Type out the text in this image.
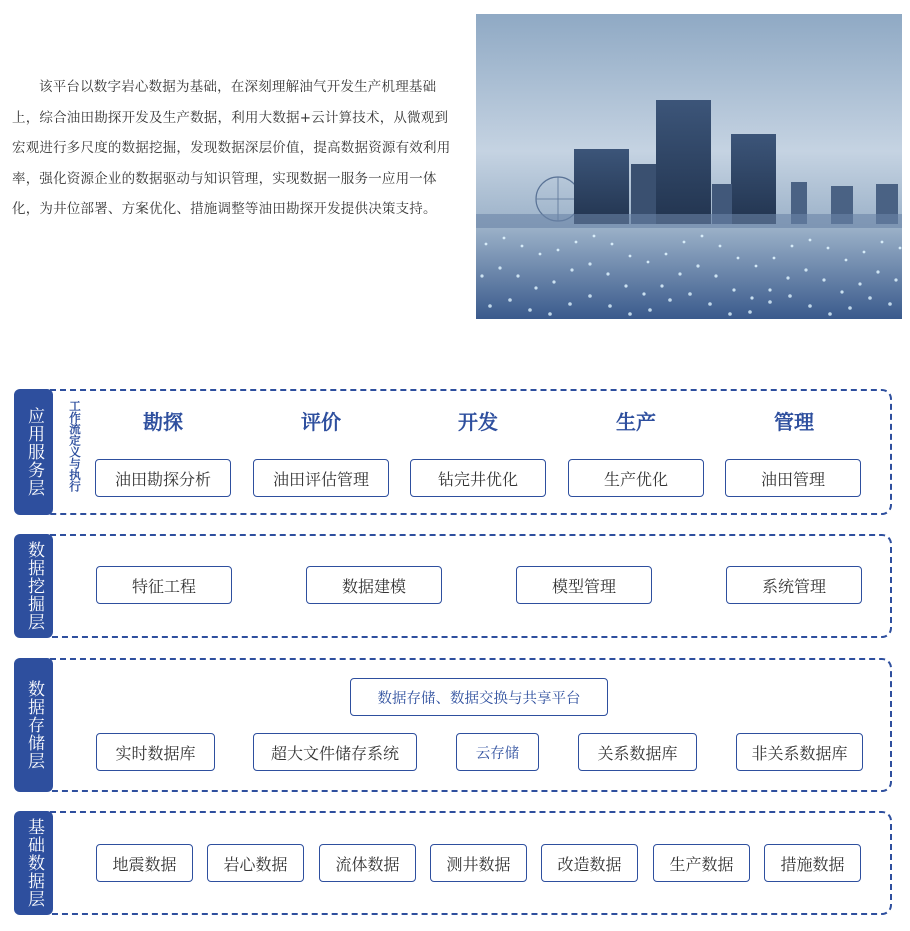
该平台以数字岩心数据为基础，在深刻理解油气开发生产机理基础上，综合油田勘探开发及生产数据，利用大数据+云计算技术，从微观到宏观进行多尺度的数据挖掘，发现数据深层价值，提高数据资源有效利用率，强化资源企业的数据驱动与知识管理，实现数据一服务一应用一体化，为井位部署、方案优化、措施调整等油田勘探开发提供决策支持。
应用服务层	工作流定义与执行	勘探	评价	开发	生产	管理
油田勘探分析	油田评估管理	钻完井优化	生产优化	油田管理
数据挖掘层	特征工程	数据建模	模型管理	系统管理
数据存储层	数据存储、数据交换与共享平台
实时数据库	超大文件储存系统	云存储	关系数据库	非关系数据库
基础数据层	地震数据	岩心数据	流体数据	测井数据	改造数据	生产数据	措施数据
